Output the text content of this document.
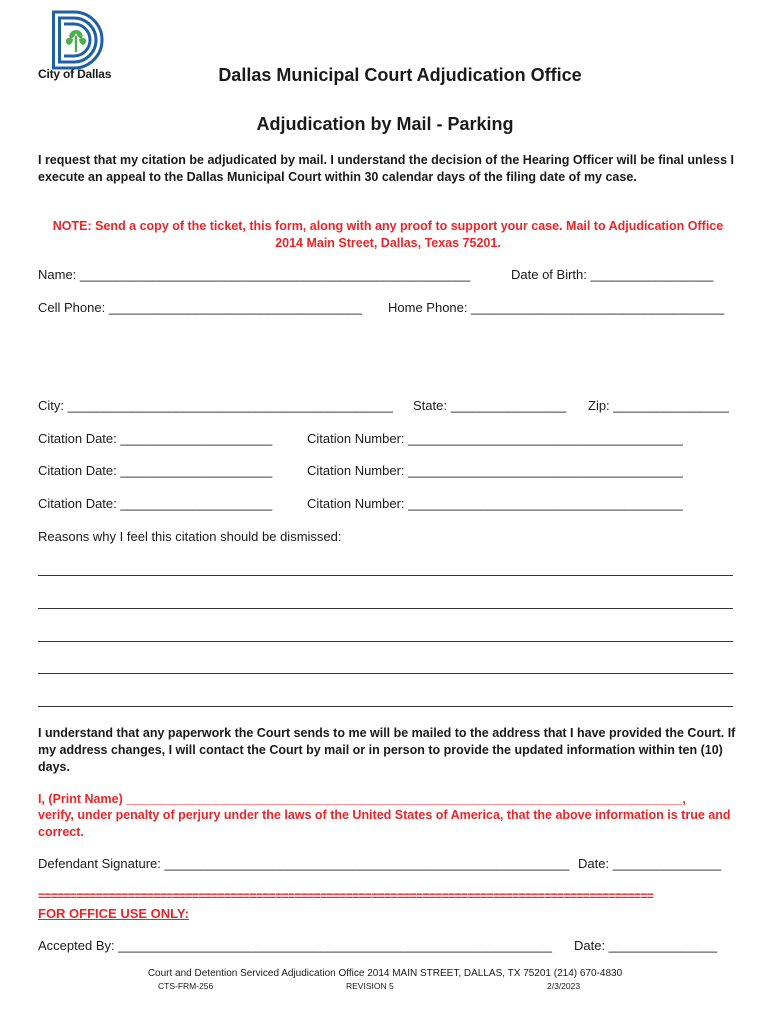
City of Dallas	Dallas Municipal Court Adjudication Office
Adjudication by Mail - Parking
I request that my citation be adjudicated by mail. I understand the decision of the Hearing Officer will be final unless I execute an appeal to the Dallas Municipal Court within 30 calendar days of the filing date of my case.
NOTE: Send a copy of the ticket, this form, along with any proof to support your case. Mail to Adjudication Office 2014 Main Street, Dallas, Texas 75201.
Name: ______________________________________________________	Date of Birth: _________________
Cell Phone: ___________________________________ Home Phone: ___________________________________
City: _____________________________________________ State: ________________ Zip: ________________
Citation Date: _____________________	Citation Number: ______________________________________
Citation Date: _____________________	Citation Number: ______________________________________
Citation Date: _____________________	Citation Number: ______________________________________
Reasons why I feel this citation should be dismissed:
I understand that any paperwork the Court sends to me will be mailed to the address that I have provided the Court. If my address changes, I will contact the Court by mail or in person to provide the updated information within ten (10) days.
I, (Print Name) ________________________________________________________________________________,
verify, under penalty of perjury under the laws of the United States of America, that the above information is true and correct.
Defendant Signature: ________________________________________________________ Date: _______________
================================================================================================
FOR OFFICE USE ONLY:
Accepted By: ____________________________________________________________ Date: _______________
Court and Detention Serviced Adjudication Office 2014 MAIN STREET, DALLAS, TX 75201 (214) 670-4830
CTS-FRM-256	REVISION 5	2/3/2023
